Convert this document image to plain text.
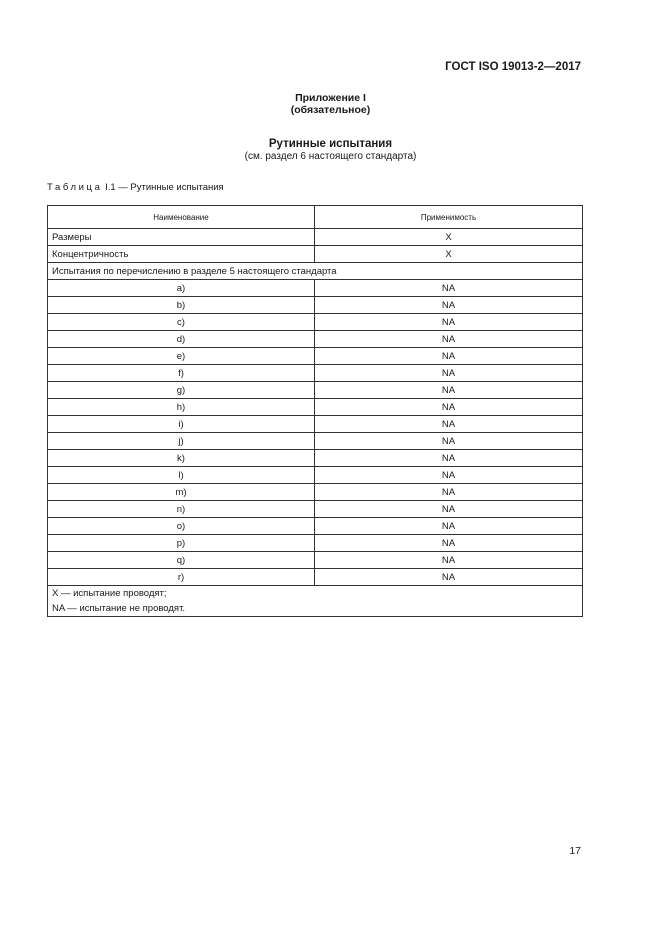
ГОСТ ISO 19013-2—2017
Приложение I
(обязательное)
Рутинные испытания
(см. раздел 6 настоящего стандарта)
Таблица I.1 — Рутинные испытания
Наименование	Применимость
Размеры	X
Концентричность	X
Испытания по перечислению в разделе 5 настоящего стандарта	
a)	NA
b)	NA
c)	NA
d)	NA
e)	NA
f)	NA
g)	NA
h)	NA
i)	NA
j)	NA
k)	NA
l)	NA
m)	NA
n)	NA
o)	NA
p)	NA
q)	NA
r)	NA

X — испытание проводят;
NA — испытание не проводят.	
17
